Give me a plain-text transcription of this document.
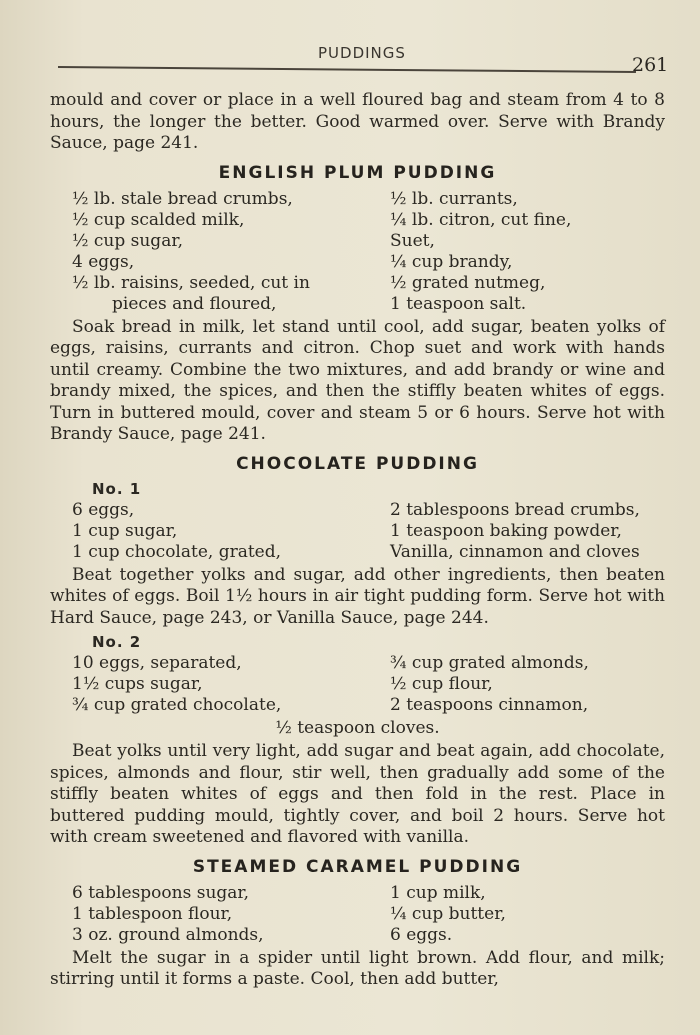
PUDDINGS
261

mould and cover or place in a well floured bag and steam from 4 to 8 hours, the longer the better. Good warmed over. Serve with Brandy Sauce, page 241.

ENGLISH PLUM PUDDING
½ lb. stale bread crumbs,
½ cup scalded milk,
½ cup sugar,
4 eggs,
½ lb. raisins, seeded, cut in
pieces and floured,
½ lb. currants,
¼ lb. citron, cut fine,
Suet,
¼ cup brandy,
½ grated nutmeg,
1 teaspoon salt.

Soak bread in milk, let stand until cool, add sugar, beaten yolks of eggs, raisins, currants and citron. Chop suet and work with hands until creamy. Combine the two mixtures, and add brandy or wine and brandy mixed, the spices, and then the stiffly beaten whites of eggs. Turn in buttered mould, cover and steam 5 or 6 hours. Serve hot with Brandy Sauce, page 241.

CHOCOLATE PUDDING
No. 1
6 eggs,
1 cup sugar,
1 cup chocolate, grated,
2 tablespoons bread crumbs,
1 teaspoon baking powder,
Vanilla, cinnamon and cloves

Beat together yolks and sugar, add other ingredients, then beaten whites of eggs. Boil 1½ hours in air tight pudding form. Serve hot with Hard Sauce, page 243, or Vanilla Sauce, page 244.

No. 2
10 eggs, separated,
1½ cups sugar,
¾ cup grated chocolate,
¾ cup grated almonds,
½ cup flour,
2 teaspoons cinnamon,
½ teaspoon cloves.

Beat yolks until very light, add sugar and beat again, add chocolate, spices, almonds and flour, stir well, then gradually add some of the stiffly beaten whites of eggs and then fold in the rest. Place in buttered pudding mould, tightly cover, and boil 2 hours. Serve hot with cream sweetened and flavored with vanilla.

STEAMED CARAMEL PUDDING
6 tablespoons sugar,
1 tablespoon flour,
3 oz. ground almonds,
1 cup milk,
¼ cup butter,
6 eggs.

Melt the sugar in a spider until light brown. Add flour, and milk; stirring until it forms a paste. Cool, then add butter,
